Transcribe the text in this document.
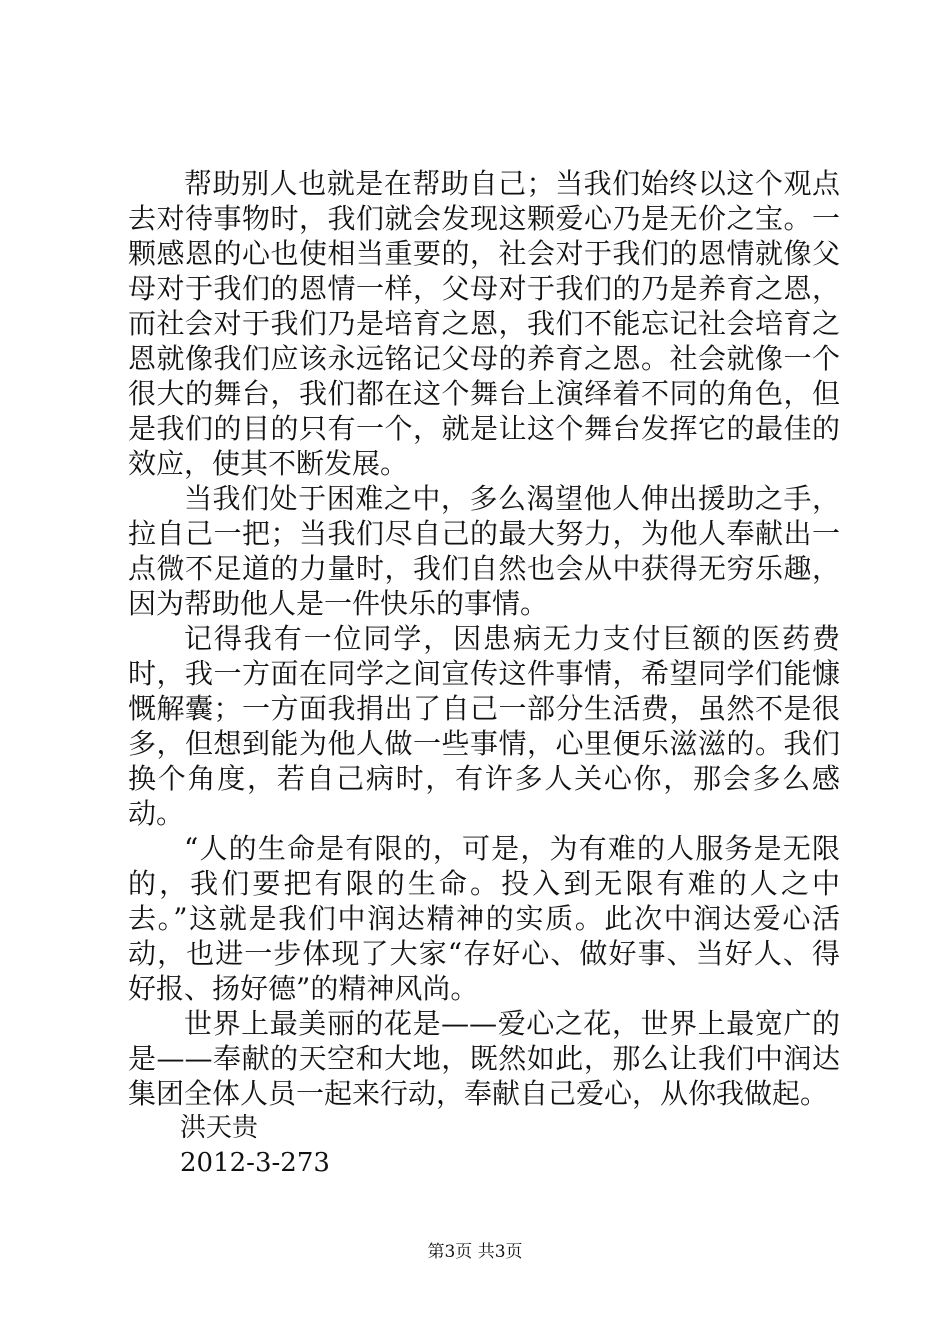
帮助别人也就是在帮助自己；当我们始终以这个观点去对待事物时，我们就会发现这颗爱心乃是无价之宝。一颗感恩的心也使相当重要的，社会对于我们的恩情就像父母对于我们的恩情一样，父母对于我们的乃是养育之恩，而社会对于我们乃是培育之恩，我们不能忘记社会培育之恩就像我们应该永远铭记父母的养育之恩。社会就像一个很大的舞台，我们都在这个舞台上演绎着不同的角色，但是我们的目的只有一个，就是让这个舞台发挥它的最佳的效应，使其不断发展。

当我们处于困难之中，多么渴望他人伸出援助之手，拉自己一把；当我们尽自己的最大努力，为他人奉献出一点微不足道的力量时，我们自然也会从中获得无穷乐趣，因为帮助他人是一件快乐的事情。

记得我有一位同学，因患病无力支付巨额的医药费时，我一方面在同学之间宣传这件事情，希望同学们能慷慨解囊；一方面我捐出了自己一部分生活费，虽然不是很多，但想到能为他人做一些事情，心里便乐滋滋的。我们换个角度，若自己病时，有许多人关心你，那会多么感动。

“人的生命是有限的，可是，为有难的人服务是无限的，我们要把有限的生命。投入到无限有难的人之中去。”这就是我们中润达精神的实质。此次中润达爱心活动，也进一步体现了大家“存好心、做好事、当好人、得好报、扬好德”的精神风尚。

世界上最美丽的花是——爱心之花，世界上最宽广的是——奉献的天空和大地，既然如此，那么让我们中润达集团全体人员一起来行动，奉献自己爱心，从你我做起。

洪天贵

2012-3-273

第3页 共3页
